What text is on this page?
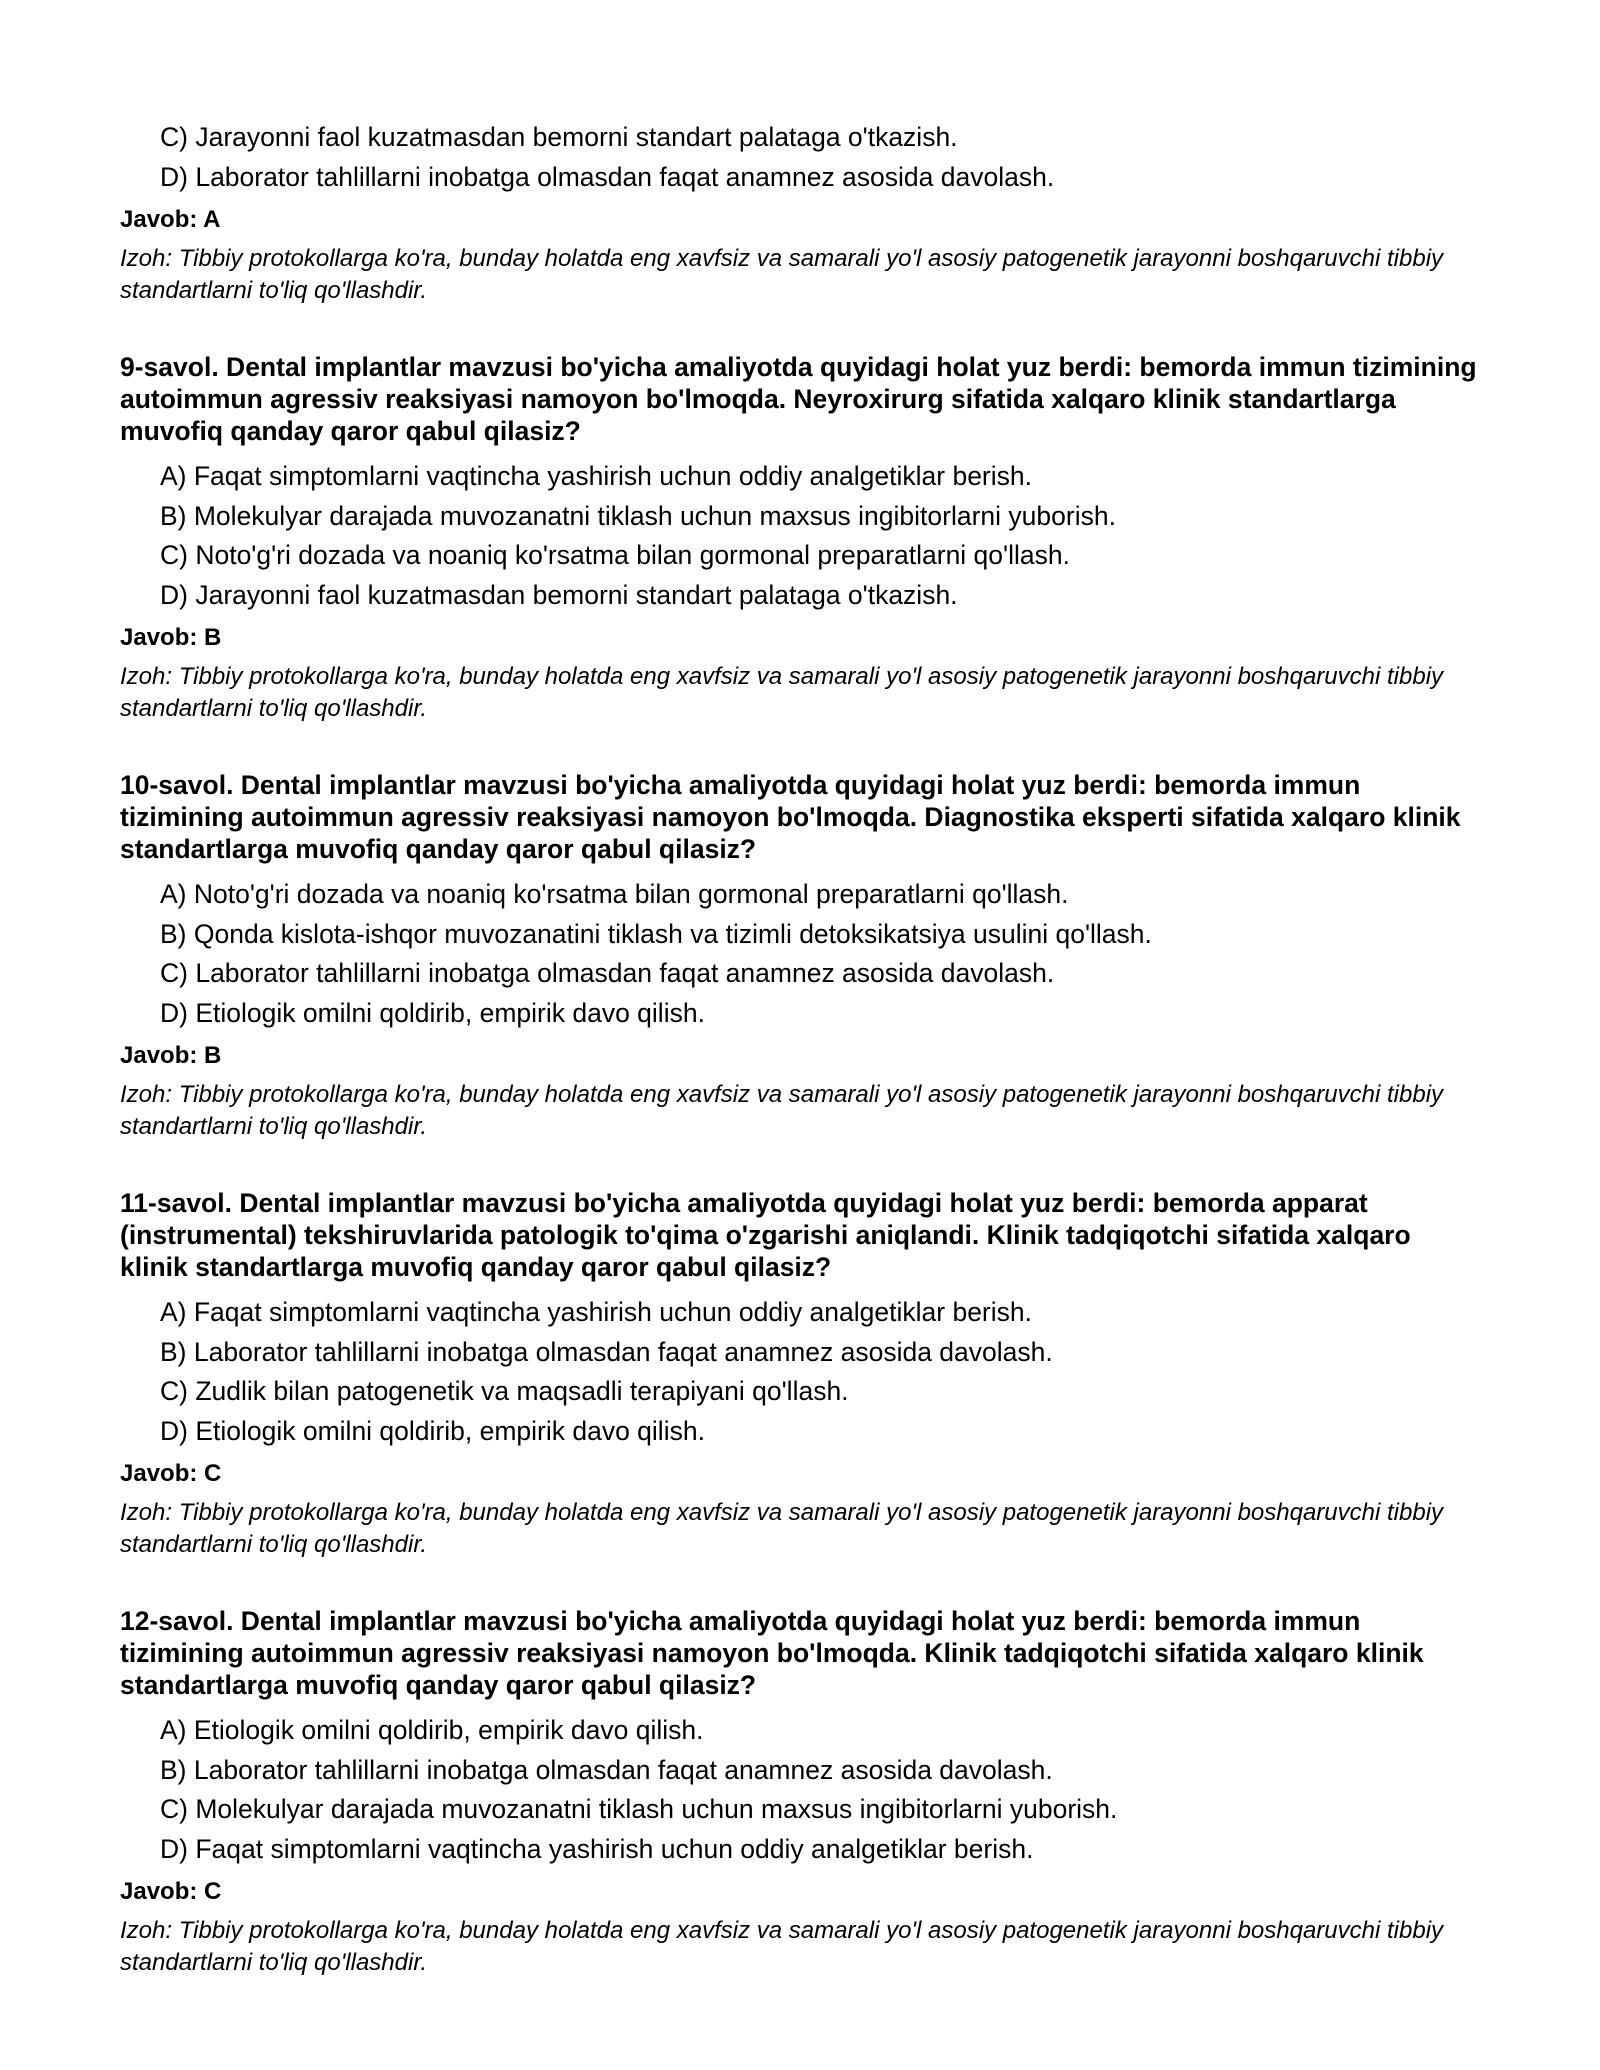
C) Jarayonni faol kuzatmasdan bemorni standart palataga o'tkazish.
D) Laborator tahlillarni inobatga olmasdan faqat anamnez asosida davolash.
Javob: A
Izoh: Tibbiy protokollarga ko'ra, bunday holatda eng xavfsiz va samarali yo'l asosiy patogenetik jarayonni boshqaruvchi tibbiy standartlarni to'liq qo'llashdir.

9-savol. Dental implantlar mavzusi bo'yicha amaliyotda quyidagi holat yuz berdi: bemorda immun tizimining autoimmun agressiv reaksiyasi namoyon bo'lmoqda. Neyroxirurg sifatida xalqaro klinik standartlarga muvofiq qanday qaror qabul qilasiz?

A) Faqat simptomlarni vaqtincha yashirish uchun oddiy analgetiklar berish.
B) Molekulyar darajada muvozanatni tiklash uchun maxsus ingibitorlarni yuborish.
C) Noto'g'ri dozada va noaniq ko'rsatma bilan gormonal preparatlarni qo'llash.
D) Jarayonni faol kuzatmasdan bemorni standart palataga o'tkazish.
Javob: B
Izoh: Tibbiy protokollarga ko'ra, bunday holatda eng xavfsiz va samarali yo'l asosiy patogenetik jarayonni boshqaruvchi tibbiy standartlarni to'liq qo'llashdir.

10-savol. Dental implantlar mavzusi bo'yicha amaliyotda quyidagi holat yuz berdi: bemorda immun tizimining autoimmun agressiv reaksiyasi namoyon bo'lmoqda. Diagnostika eksperti sifatida xalqaro klinik standartlarga muvofiq qanday qaror qabul qilasiz?

A) Noto'g'ri dozada va noaniq ko'rsatma bilan gormonal preparatlarni qo'llash.
B) Qonda kislota-ishqor muvozanatini tiklash va tizimli detoksikatsiya usulini qo'llash.
C) Laborator tahlillarni inobatga olmasdan faqat anamnez asosida davolash.
D) Etiologik omilni qoldirib, empirik davo qilish.
Javob: B
Izoh: Tibbiy protokollarga ko'ra, bunday holatda eng xavfsiz va samarali yo'l asosiy patogenetik jarayonni boshqaruvchi tibbiy standartlarni to'liq qo'llashdir.

11-savol. Dental implantlar mavzusi bo'yicha amaliyotda quyidagi holat yuz berdi: bemorda apparat (instrumental) tekshiruvlarida patologik to'qima o'zgarishi aniqlandi. Klinik tadqiqotchi sifatida xalqaro klinik standartlarga muvofiq qanday qaror qabul qilasiz?

A) Faqat simptomlarni vaqtincha yashirish uchun oddiy analgetiklar berish.
B) Laborator tahlillarni inobatga olmasdan faqat anamnez asosida davolash.
C) Zudlik bilan patogenetik va maqsadli terapiyani qo'llash.
D) Etiologik omilni qoldirib, empirik davo qilish.
Javob: C
Izoh: Tibbiy protokollarga ko'ra, bunday holatda eng xavfsiz va samarali yo'l asosiy patogenetik jarayonni boshqaruvchi tibbiy standartlarni to'liq qo'llashdir.

12-savol. Dental implantlar mavzusi bo'yicha amaliyotda quyidagi holat yuz berdi: bemorda immun tizimining autoimmun agressiv reaksiyasi namoyon bo'lmoqda. Klinik tadqiqotchi sifatida xalqaro klinik standartlarga muvofiq qanday qaror qabul qilasiz?

A) Etiologik omilni qoldirib, empirik davo qilish.
B) Laborator tahlillarni inobatga olmasdan faqat anamnez asosida davolash.
C) Molekulyar darajada muvozanatni tiklash uchun maxsus ingibitorlarni yuborish.
D) Faqat simptomlarni vaqtincha yashirish uchun oddiy analgetiklar berish.
Javob: C
Izoh: Tibbiy protokollarga ko'ra, bunday holatda eng xavfsiz va samarali yo'l asosiy patogenetik jarayonni boshqaruvchi tibbiy standartlarni to'liq qo'llashdir.
